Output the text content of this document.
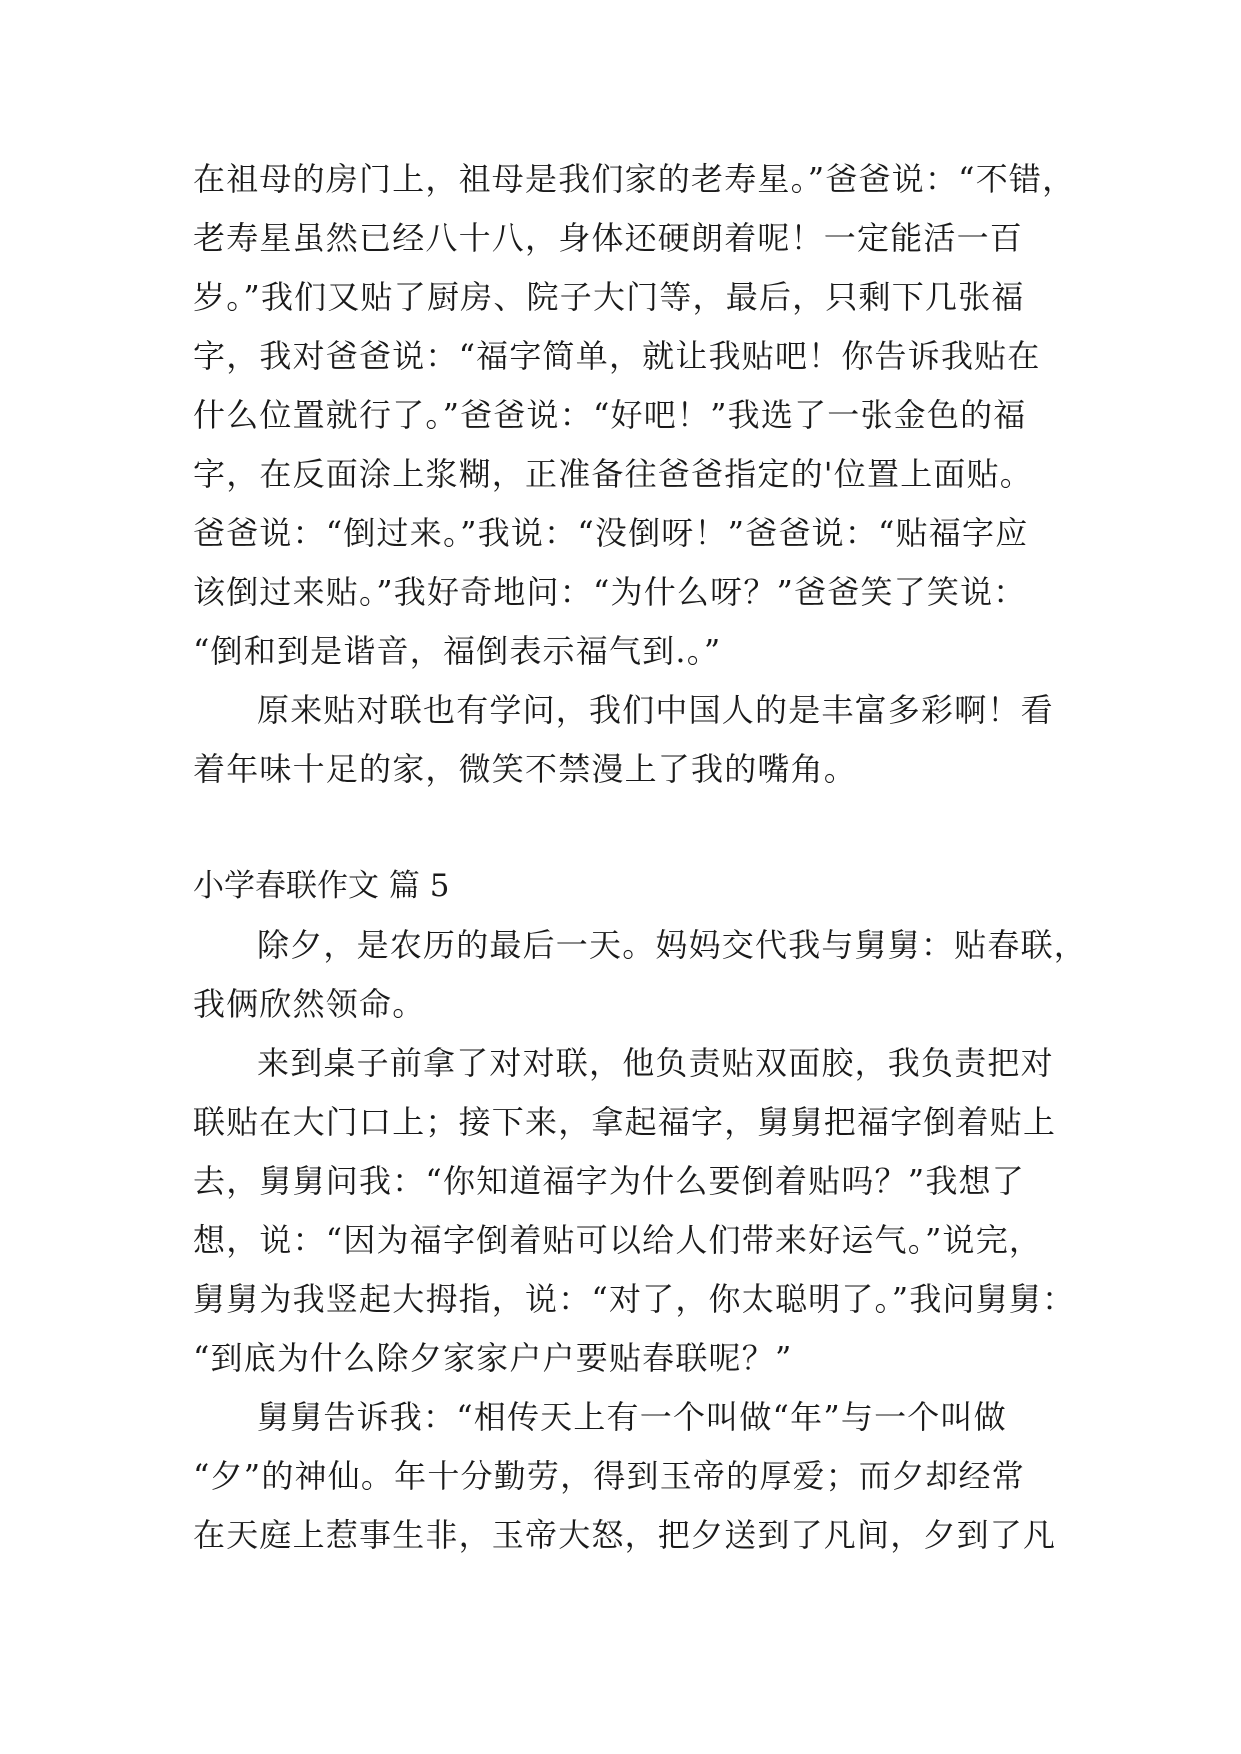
在祖母的房门上，祖母是我们家的老寿星。”爸爸说：“不错，
老寿星虽然已经八十八，身体还硬朗着呢！一定能活一百
岁。”我们又贴了厨房、院子大门等，最后，只剩下几张福
字，我对爸爸说：“福字简单，就让我贴吧！你告诉我贴在
什么位置就行了。”爸爸说：“好吧！”我选了一张金色的福
字，在反面涂上浆糊，正准备往爸爸指定的'位置上面贴。
爸爸说：“倒过来。”我说：“没倒呀！”爸爸说：“贴福字应
该倒过来贴。”我好奇地问：“为什么呀？”爸爸笑了笑说：
“倒和到是谐音，福倒表示福气到.。”
原来贴对联也有学问，我们中国人的是丰富多彩啊！看
着年味十足的家，微笑不禁漫上了我的嘴角。
小学春联作文 篇 5
除夕，是农历的最后一天。妈妈交代我与舅舅：贴春联，
我俩欣然领命。
来到桌子前拿了对对联，他负责贴双面胶，我负责把对
联贴在大门口上；接下来，拿起福字，舅舅把福字倒着贴上
去，舅舅问我：“你知道福字为什么要倒着贴吗？”我想了
想，说：“因为福字倒着贴可以给人们带来好运气。”说完，
舅舅为我竖起大拇指，说：“对了，你太聪明了。”我问舅舅：
“到底为什么除夕家家户户要贴春联呢？”
舅舅告诉我：“相传天上有一个叫做“年”与一个叫做
“夕”的神仙。年十分勤劳，得到玉帝的厚爱；而夕却经常
在天庭上惹事生非，玉帝大怒，把夕送到了凡间，夕到了凡
